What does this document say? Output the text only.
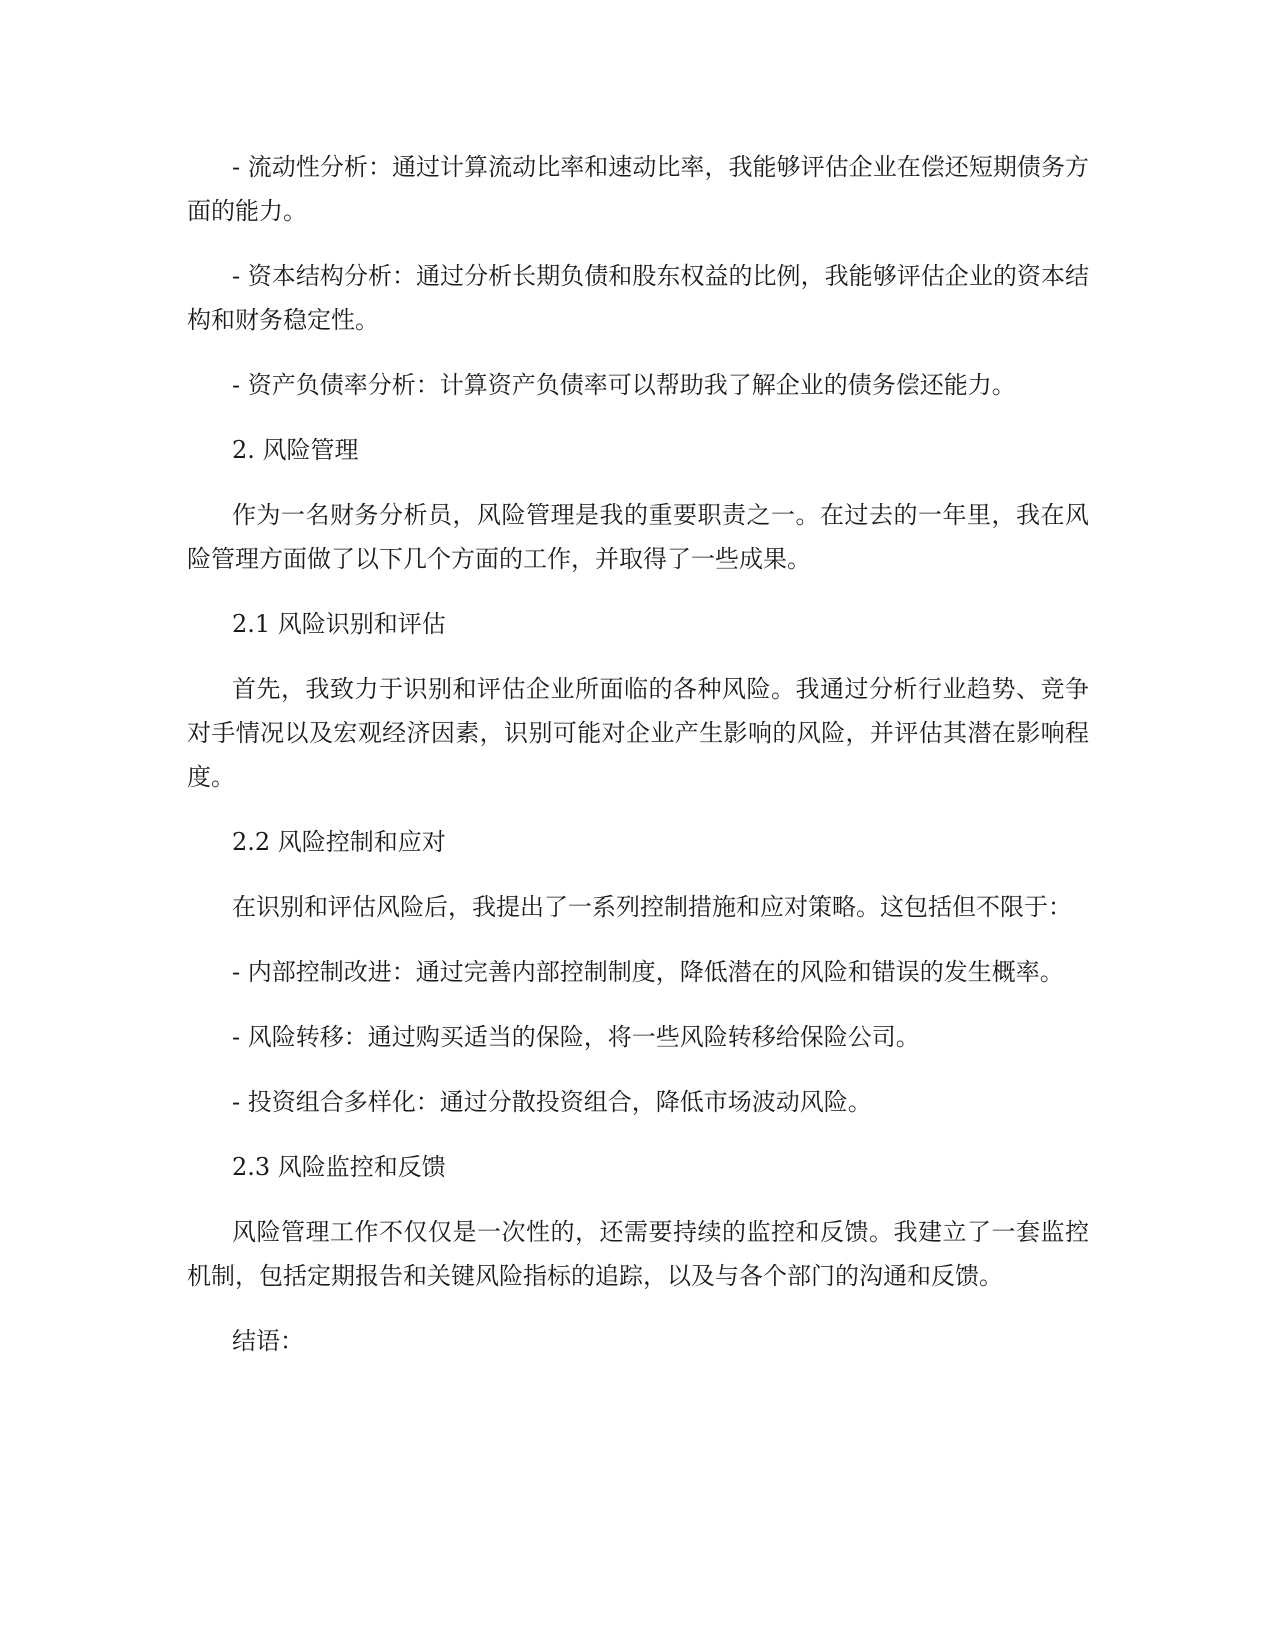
- 流动性分析：通过计算流动比率和速动比率，我能够评估企业在偿还短期债务方面的能力。

- 资本结构分析：通过分析长期负债和股东权益的比例，我能够评估企业的资本结构和财务稳定性。

- 资产负债率分析：计算资产负债率可以帮助我了解企业的债务偿还能力。

2. 风险管理

作为一名财务分析员，风险管理是我的重要职责之一。在过去的一年里，我在风险管理方面做了以下几个方面的工作，并取得了一些成果。

2.1 风险识别和评估

首先，我致力于识别和评估企业所面临的各种风险。我通过分析行业趋势、竞争对手情况以及宏观经济因素，识别可能对企业产生影响的风险，并评估其潜在影响程度。

2.2 风险控制和应对

在识别和评估风险后，我提出了一系列控制措施和应对策略。这包括但不限于：

- 内部控制改进：通过完善内部控制制度，降低潜在的风险和错误的发生概率。

- 风险转移：通过购买适当的保险，将一些风险转移给保险公司。

- 投资组合多样化：通过分散投资组合，降低市场波动风险。

2.3 风险监控和反馈

风险管理工作不仅仅是一次性的，还需要持续的监控和反馈。我建立了一套监控机制，包括定期报告和关键风险指标的追踪，以及与各个部门的沟通和反馈。

结语：
